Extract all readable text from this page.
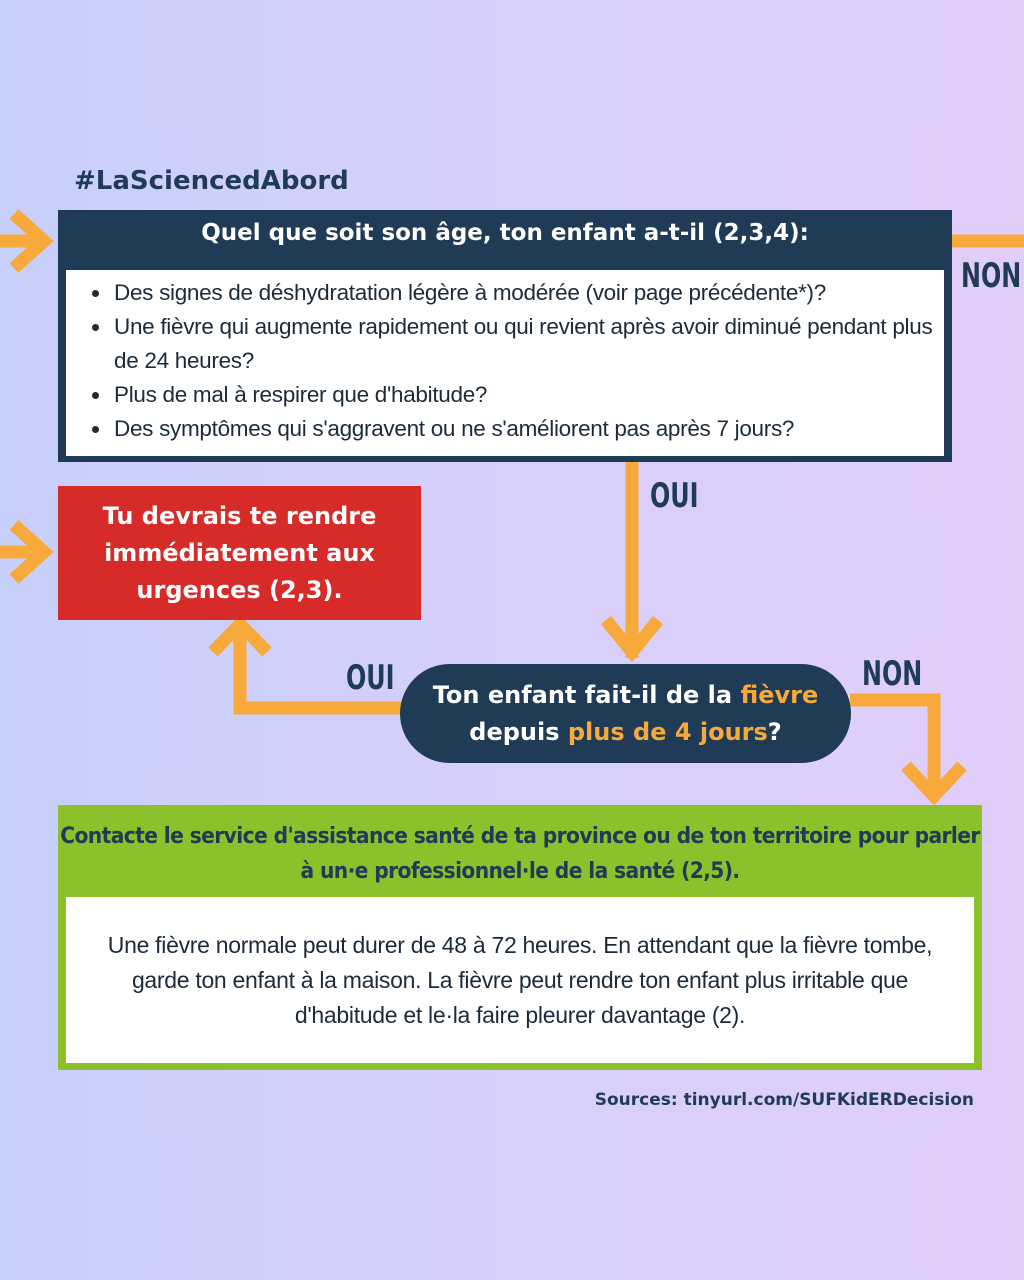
#LaSciencedAbord
Quel que soit son âge, ton enfant a-t-il (2,3,4):
• Des signes de déshydratation légère à modérée (voir page précédente*)?
• Une fièvre qui augmente rapidement ou qui revient après avoir diminué pendant plus de 24 heures?
• Plus de mal à respirer que d'habitude?
• Des symptômes qui s'aggravent ou ne s'améliorent pas après 7 jours?
NON
OUI
Tu devrais te rendre immédiatement aux urgences (2,3).
OUI	NON
Ton enfant fait-il de la fièvre
depuis plus de 4 jours?
Contacte le service d'assistance santé de ta province ou de ton territoire pour parler à un·e professionnel·le de la santé (2,5).
Une fièvre normale peut durer de 48 à 72 heures. En attendant que la fièvre tombe, garde ton enfant à la maison. La fièvre peut rendre ton enfant plus irritable que d'habitude et le·la faire pleurer davantage (2).
Sources: tinyurl.com/SUFKidERDecision
